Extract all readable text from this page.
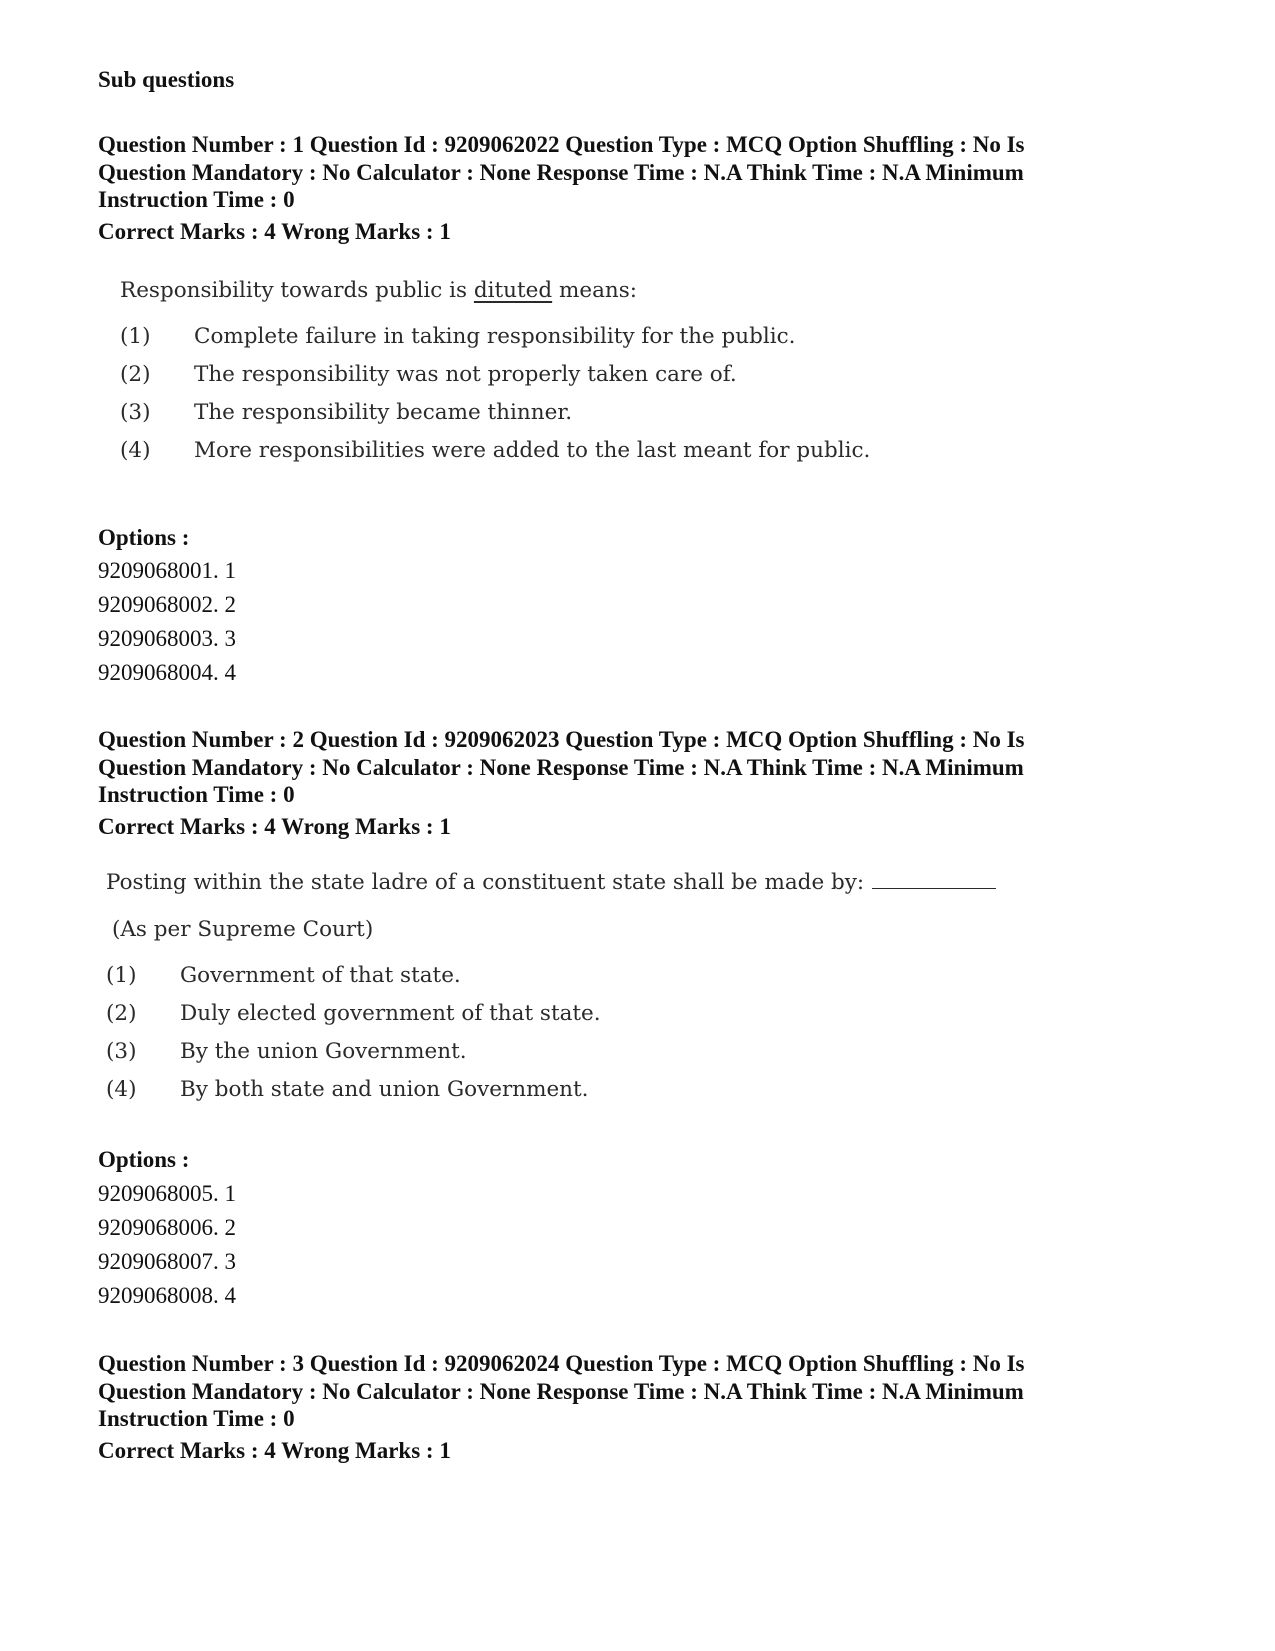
Sub questions
Question Number : 1 Question Id : 9209062022 Question Type : MCQ Option Shuffling : No Is
Question Mandatory : No Calculator : None Response Time : N.A Think Time : N.A Minimum
Instruction Time : 0
Correct Marks : 4 Wrong Marks : 1
Responsibility towards public is dituted means:
(1)	Complete failure in taking responsibility for the public.
(2)	The responsibility was not properly taken care of.
(3)	The responsibility became thinner.
(4)	More responsibilities were added to the last meant for public.
Options :
9209068001. 1
9209068002. 2
9209068003. 3
9209068004. 4
Question Number : 2 Question Id : 9209062023 Question Type : MCQ Option Shuffling : No Is
Question Mandatory : No Calculator : None Response Time : N.A Think Time : N.A Minimum
Instruction Time : 0
Correct Marks : 4 Wrong Marks : 1
Posting within the state ladre of a constituent state shall be made by:
(As per Supreme Court)
(1)	Government of that state.
(2)	Duly elected government of that state.
(3)	By the union Government.
(4)	By both state and union Government.
Options :
9209068005. 1
9209068006. 2
9209068007. 3
9209068008. 4
Question Number : 3 Question Id : 9209062024 Question Type : MCQ Option Shuffling : No Is
Question Mandatory : No Calculator : None Response Time : N.A Think Time : N.A Minimum
Instruction Time : 0
Correct Marks : 4 Wrong Marks : 1
